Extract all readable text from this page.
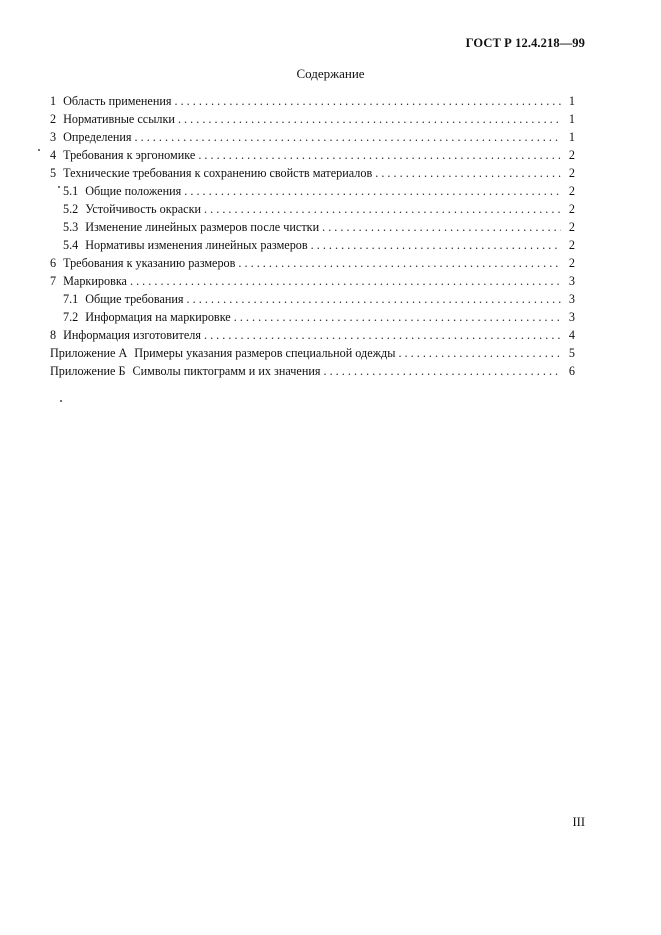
ГОСТ Р 12.4.218—99
Содержание
1 Область применения . . .	1
2 Нормативные ссылки . . .	1
3 Определения . . .	1
4 Требования к эргономике . . .	2
5 Технические требования к сохранению свойств материалов . . .	2
5.1 Общие положения . . .	2
5.2 Устойчивость окраски . . .	2
5.3 Изменение линейных размеров после чистки . . .	2
5.4 Нормативы изменения линейных размеров . . .	2
6 Требования к указанию размеров . . .	2
7 Маркировка . . .	3
7.1 Общие требования . . .	3
7.2 Информация на маркировке . . .	3
8 Информация изготовителя . . .	4
Приложение А Примеры указания размеров специальной одежды . . .	5
Приложение Б Символы пиктограмм и их значения . . .	6
III
